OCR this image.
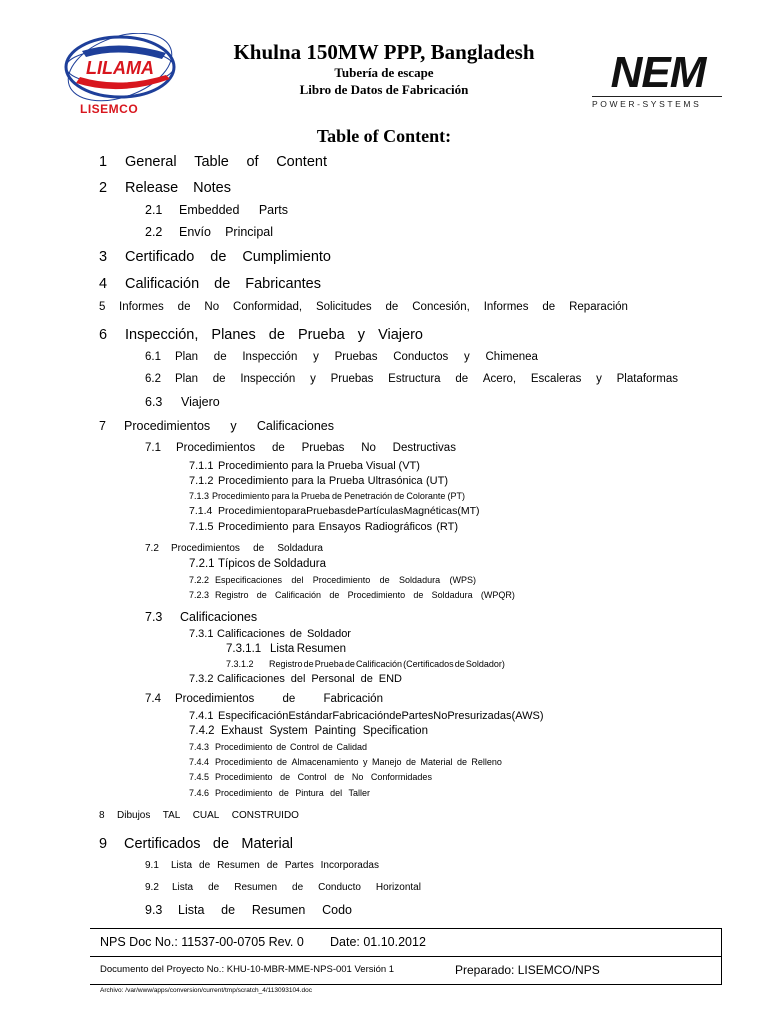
LILAMA
LISEMCO
Khulna 150MW PPP, Bangladesh
Tubería de escape
Libro de Datos de Fabricación	NEM
POWER-SYSTEMS
Table of Content:
1	General Table of Content
2	Release Notes
2.1	Embedded Parts
2.2	Envío Principal
3	Certificado de Cumplimiento
4	Calificación de Fabricantes
5	Informes de No Conformidad, Solicitudes de Concesión, Informes de Reparación
6	Inspección, Planes de Prueba y Viajero
6.1	Plan de Inspección y Pruebas Conductos y Chimenea
6.2	Plan de Inspección y Pruebas Estructura de Acero, Escaleras y Plataformas
6.3	Viajero
7	Procedimientos y Calificaciones
7.1	Procedimientos de Pruebas No Destructivas
7.1.1 Procedimiento para la Prueba Visual (VT)
7.1.2 Procedimiento para la Prueba Ultrasónica (UT)
7.1.3 Procedimiento para la Prueba de Penetración de Colorante (PT)
7.1.4 Procedimiento para Pruebas de Partículas Magnéticas (MT)
7.1.5 Procedimiento para Ensayos Radiográficos (RT)
7.2	Procedimientos de Soldadura
7.2.1 Típicos de Soldadura
7.2.2 Especificaciones del Procedimiento de Soldadura (WPS)
7.2.3 Registro de Calificación de Procedimiento de Soldadura (WPQR)
7.3	Calificaciones
7.3.1 Calificaciones de Soldador
7.3.1.1 Lista Resumen
7.3.1.2	Registro de Prueba de Calificación (Certificados de Soldador)
7.3.2 Calificaciones del Personal de END
7.4	Procedimientos de Fabricación
7.4.1 Especificación Estándar Fabricación de Partes No Presurizadas (AWS)
7.4.2 Exhaust System Painting Specification
7.4.3 Procedimiento de Control de Calidad
7.4.4 Procedimiento de Almacenamiento y Manejo de Material de Relleno
7.4.5 Procedimiento de Control de No Conformidades
7.4.6 Procedimiento de Pintura del Taller
8	Dibujos TAL CUAL CONSTRUIDO
9	Certificados de Material
9.1	Lista de Resumen de Partes Incorporadas
9.2	Lista de Resumen de Conducto Horizontal
9.3	Lista de Resumen Codo
NPS Doc No.: 11537-00-0705 Rev. 0 Date: 01.10.2012
Documento del Proyecto No.: KHU-10-MBR-MME-NPS-001 Versión 1	Preparado: LISEMCO/NPS
Archivo: /var/www/apps/conversion/current/tmp/scratch_4/113093104.doc
